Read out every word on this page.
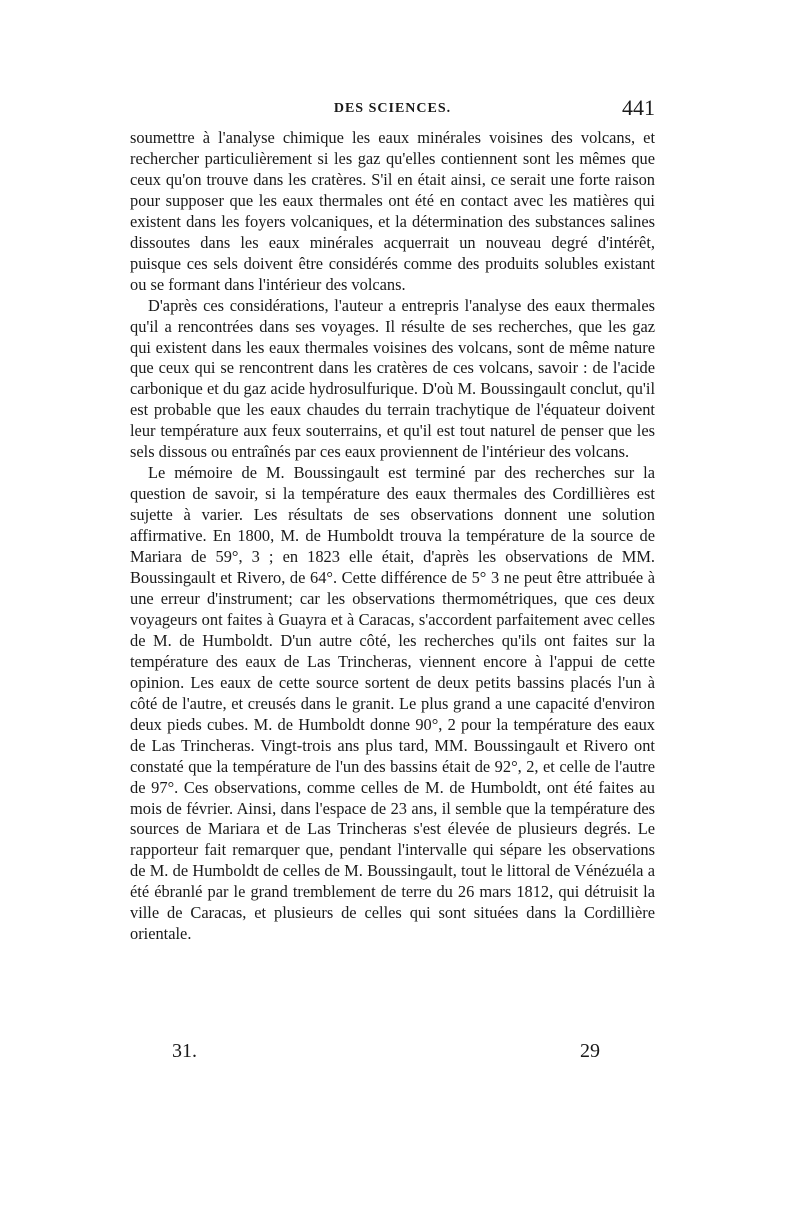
DES SCIENCES.	441

soumettre à l'analyse chimique les eaux minérales voisines des volcans, et rechercher particulièrement si les gaz qu'elles contiennent sont les mêmes que ceux qu'on trouve dans les cratères. S'il en était ainsi, ce serait une forte raison pour supposer que les eaux thermales ont été en contact avec les matières qui existent dans les foyers volcaniques, et la détermination des substances salines dissoutes dans les eaux minérales acquerrait un nouveau degré d'intérêt, puisque ces sels doivent être considérés comme des produits solubles existant ou se formant dans l'intérieur des volcans.

D'après ces considérations, l'auteur a entrepris l'analyse des eaux thermales qu'il a rencontrées dans ses voyages. Il résulte de ses recherches, que les gaz qui existent dans les eaux thermales voisines des volcans, sont de même nature que ceux qui se rencontrent dans les cratères de ces volcans, savoir : de l'acide carbonique et du gaz acide hydrosulfurique. D'où M. Boussingault conclut, qu'il est probable que les eaux chaudes du terrain trachytique de l'équateur doivent leur température aux feux souterrains, et qu'il est tout naturel de penser que les sels dissous ou entraînés par ces eaux proviennent de l'intérieur des volcans.

Le mémoire de M. Boussingault est terminé par des recherches sur la question de savoir, si la température des eaux thermales des Cordillières est sujette à varier. Les résultats de ses observations donnent une solution affirmative. En 1800, M. de Humboldt trouva la température de la source de Mariara de 59°, 3 ; en 1823 elle était, d'après les observations de MM. Boussingault et Rivero, de 64°. Cette différence de 5° 3 ne peut être attribuée à une erreur d'instrument; car les observations thermométriques, que ces deux voyageurs ont faites à Guayra et à Caracas, s'accordent parfaitement avec celles de M. de Humboldt. D'un autre côté, les recherches qu'ils ont faites sur la température des eaux de Las Trincheras, viennent encore à l'appui de cette opinion. Les eaux de cette source sortent de deux petits bassins placés l'un à côté de l'autre, et creusés dans le granit. Le plus grand a une capacité d'environ deux pieds cubes. M. de Humboldt donne 90°, 2 pour la température des eaux de Las Trincheras. Vingt-trois ans plus tard, MM. Boussingault et Rivero ont constaté que la température de l'un des bassins était de 92°, 2, et celle de l'autre de 97°. Ces observations, comme celles de M. de Humboldt, ont été faites au mois de février. Ainsi, dans l'espace de 23 ans, il semble que la température des sources de Mariara et de Las Trincheras s'est élevée de plusieurs degrés. Le rapporteur fait remarquer que, pendant l'intervalle qui sépare les observations de M. de Humboldt de celles de M. Boussingault, tout le littoral de Vénézuéla a été ébranlé par le grand tremblement de terre du 26 mars 1812, qui détruisit la ville de Caracas, et plusieurs de celles qui sont situées dans la Cordillière orientale.

31.	29
